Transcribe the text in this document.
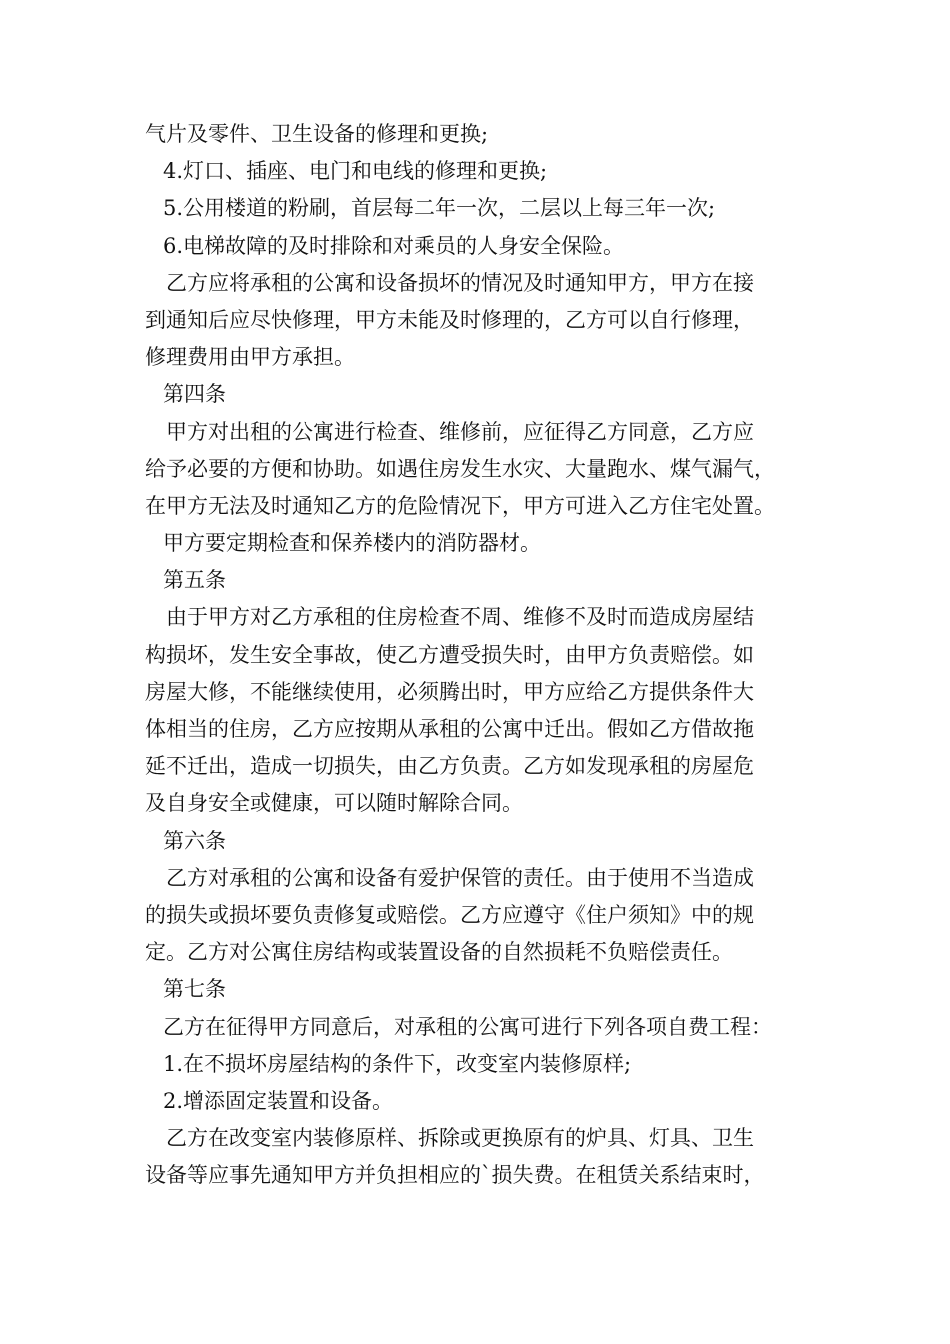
气片及零件、卫生设备的修理和更换;
4.灯口、插座、电门和电线的修理和更换;
5.公用楼道的粉刷，首层每二年一次，二层以上每三年一次;
6.电梯故障的及时排除和对乘员的人身安全保险。
乙方应将承租的公寓和设备损坏的情况及时通知甲方，甲方在接
到通知后应尽快修理，甲方未能及时修理的，乙方可以自行修理，
修理费用由甲方承担。
第四条
甲方对出租的公寓进行检查、维修前，应征得乙方同意，乙方应
给予必要的方便和协助。如遇住房发生水灾、大量跑水、煤气漏气，
在甲方无法及时通知乙方的危险情况下，甲方可进入乙方住宅处置。
甲方要定期检查和保养楼内的消防器材。
第五条
由于甲方对乙方承租的住房检查不周、维修不及时而造成房屋结
构损坏，发生安全事故，使乙方遭受损失时，由甲方负责赔偿。如
房屋大修，不能继续使用，必须腾出时，甲方应给乙方提供条件大
体相当的住房，乙方应按期从承租的公寓中迁出。假如乙方借故拖
延不迁出，造成一切损失，由乙方负责。乙方如发现承租的房屋危
及自身安全或健康，可以随时解除合同。
第六条
乙方对承租的公寓和设备有爱护保管的责任。由于使用不当造成
的损失或损坏要负责修复或赔偿。乙方应遵守《住户须知》中的规
定。乙方对公寓住房结构或装置设备的自然损耗不负赔偿责任。
第七条
乙方在征得甲方同意后，对承租的公寓可进行下列各项自费工程：
1.在不损坏房屋结构的条件下，改变室内装修原样;
2.增添固定装置和设备。
乙方在改变室内装修原样、拆除或更换原有的炉具、灯具、卫生
设备等应事先通知甲方并负担相应的`损失费。在租赁关系结束时，
